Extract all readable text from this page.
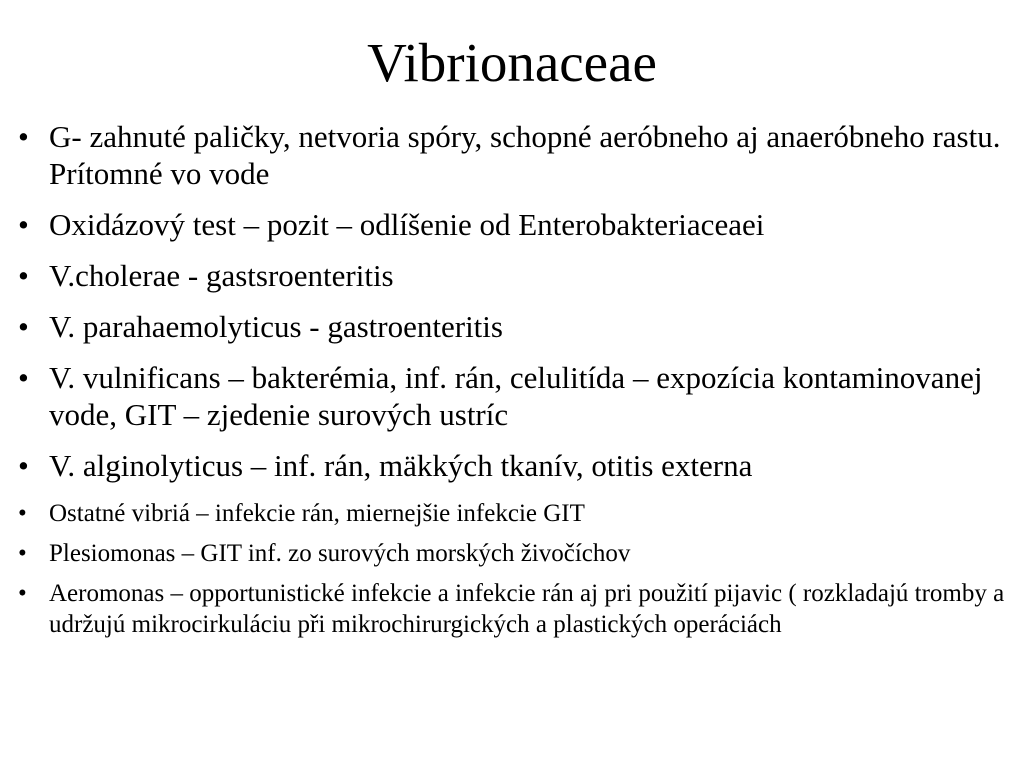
Vibrionaceae
• G- zahnuté paličky, netvoria spóry, schopné aeróbneho aj anaeróbneho rastu. Prítomné vo vode
• Oxidázový test – pozit – odlíšenie od Enterobakteriaceaei
• V.cholerae - gastsroenteritis
• V. parahaemolyticus - gastroenteritis
• V. vulnificans – bakterémia, inf. rán, celulitída – expozícia kontaminovanej vode, GIT – zjedenie surových ustríc
• V. alginolyticus – inf. rán, mäkkých tkanív, otitis externa
• Ostatné vibriá – infekcie rán, miernejšie infekcie GIT
• Plesiomonas – GIT inf. zo surových morských živočíchov
• Aeromonas – opportunistické infekcie a infekcie rán aj pri použití pijavic ( rozkladajú tromby a udržujú mikrocirkuláciu při mikrochirurgických a plastických operáciách
